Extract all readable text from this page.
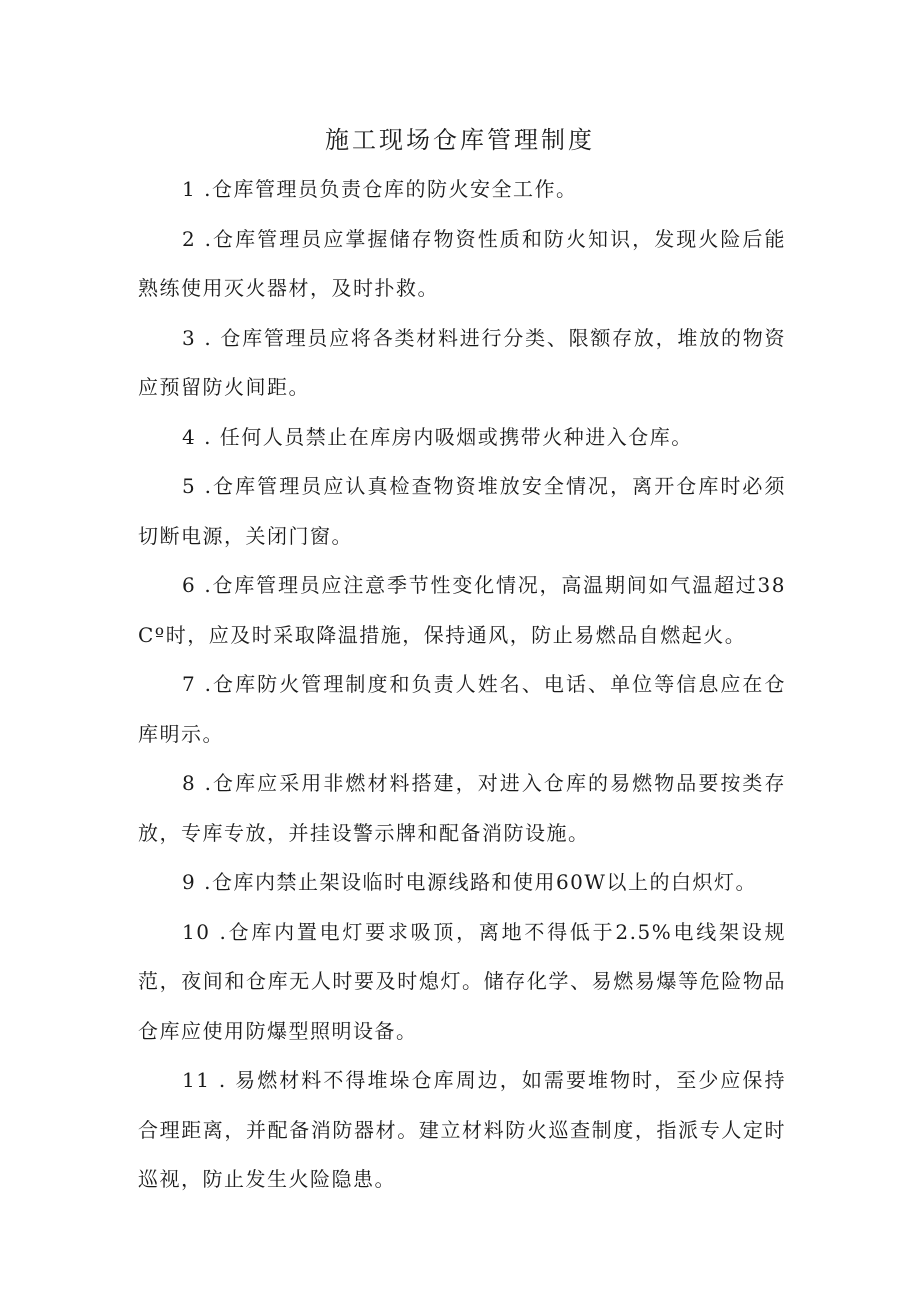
施工现场仓库管理制度

1 .仓库管理员负责仓库的防火安全工作。

2 .仓库管理员应掌握储存物资性质和防火知识，发现火险后能熟练使用灭火器材，及时扑救。

3 . 仓库管理员应将各类材料进行分类、限额存放，堆放的物资应预留防火间距。

4 . 任何人员禁止在库房内吸烟或携带火种进入仓库。

5 .仓库管理员应认真检查物资堆放安全情况，离开仓库时必须切断电源，关闭门窗。

6 .仓库管理员应注意季节性变化情况，高温期间如气温超过38Cº时，应及时采取降温措施，保持通风，防止易燃品自燃起火。

7 .仓库防火管理制度和负责人姓名、电话、单位等信息应在仓库明示。

8 .仓库应采用非燃材料搭建，对进入仓库的易燃物品要按类存放，专库专放，并挂设警示牌和配备消防设施。

9 .仓库内禁止架设临时电源线路和使用60W以上的白炽灯。

10 .仓库内置电灯要求吸顶，离地不得低于2.5%电线架设规范，夜间和仓库无人时要及时熄灯。储存化学、易燃易爆等危险物品仓库应使用防爆型照明设备。

11 . 易燃材料不得堆垛仓库周边，如需要堆物时，至少应保持合理距离，并配备消防器材。建立材料防火巡查制度，指派专人定时巡视，防止发生火险隐患。
